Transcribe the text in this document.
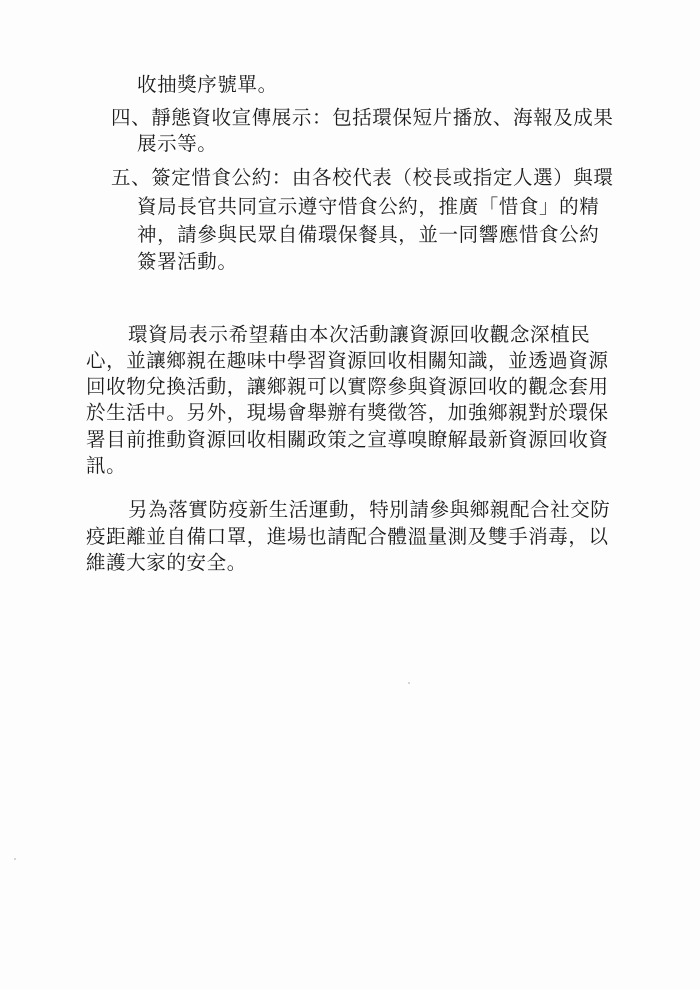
收抽獎序號單。
四、靜態資收宣傳展示：包括環保短片播放、海報及成果
展示等。
五、簽定惜食公約：由各校代表（校長或指定人選）與環
資局長官共同宣示遵守惜食公約，推廣「惜食」的精
神，請參與民眾自備環保餐具，並一同響應惜食公約
簽署活動。
環資局表示希望藉由本次活動讓資源回收觀念深植民
心，並讓鄉親在趣味中學習資源回收相關知識，並透過資源
回收物兌換活動，讓鄉親可以實際參與資源回收的觀念套用
於生活中。另外，現場會舉辦有獎徵答，加強鄉親對於環保
署目前推動資源回收相關政策之宣導嗅瞭解最新資源回收資
訊。
另為落實防疫新生活運動，特別請參與鄉親配合社交防
疫距離並自備口罩，進場也請配合體溫量測及雙手消毒，以
維護大家的安全。
